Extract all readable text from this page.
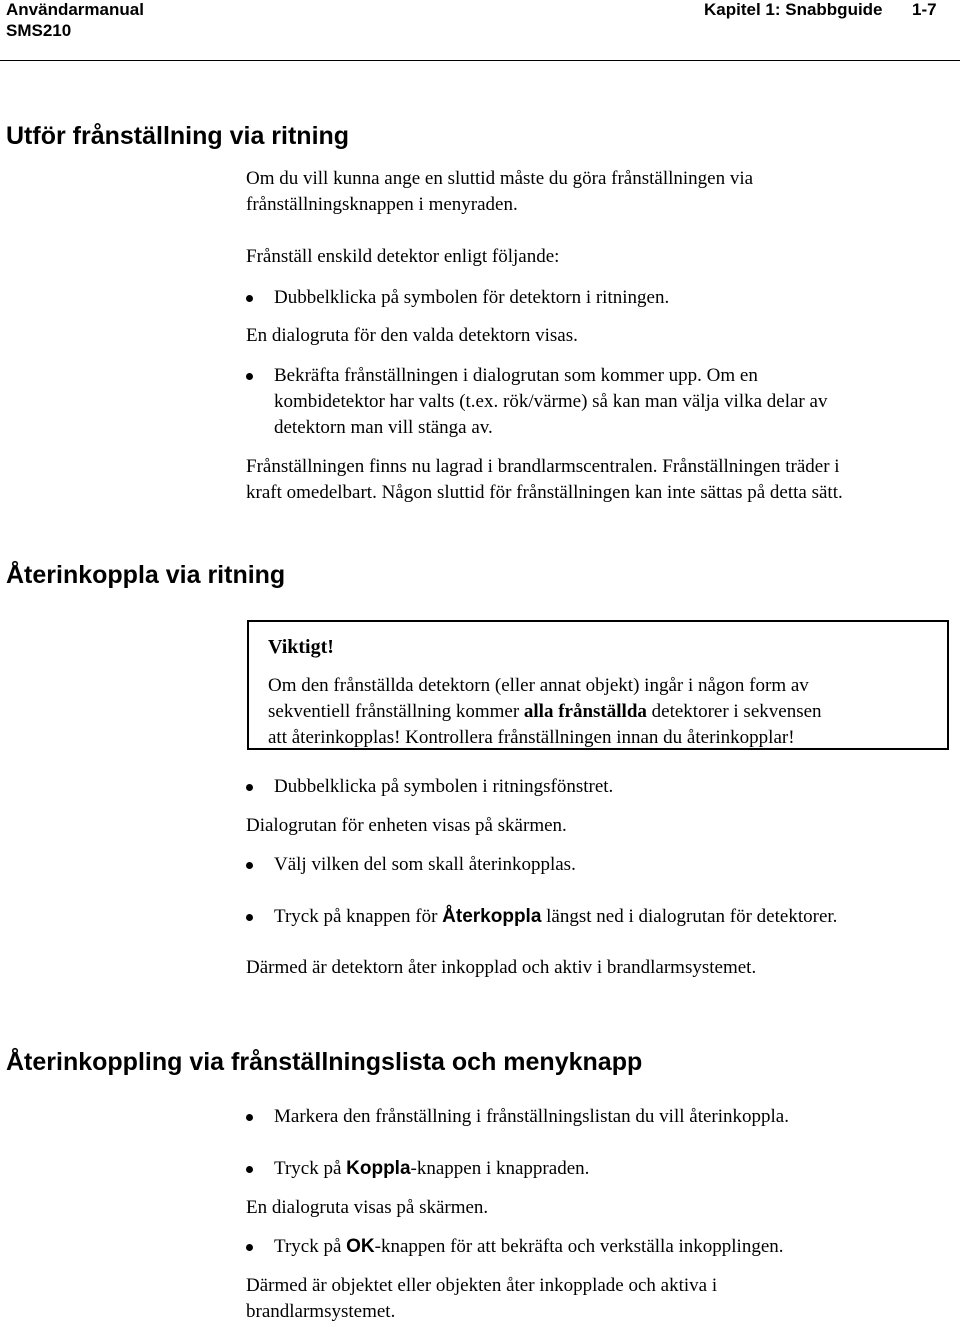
Användarmanual
SMS210
Kapitel 1: Snabbguide 1-7
Utför frånställning via ritning

Om du vill kunna ange en sluttid måste du göra frånställningen via

frånställningsknappen i menyraden.

Frånställ enskild detektor enligt följande:

Dubbelklicka på symbolen för detektorn i ritningen.

En dialogruta för den valda detektorn visas.

Bekräfta frånställningen i dialogrutan som kommer upp. Om en

kombidetektor har valts (t.ex. rök/värme) så kan man välja vilka delar av

detektorn man vill stänga av.

Frånställningen finns nu lagrad i brandlarmscentralen. Frånställningen träder i

kraft omedelbart. Någon sluttid för frånställningen kan inte sättas på detta sätt.

Återinkoppla via ritning

Viktigt!

Om den frånställda detektorn (eller annat objekt) ingår i någon form av

sekventiell frånställning kommer alla frånställda detektorer i sekvensen

att återinkopplas! Kontrollera frånställningen innan du återinkopplar!

Dubbelklicka på symbolen i ritningsfönstret.

Dialogrutan för enheten visas på skärmen.

Välj vilken del som skall återinkopplas.

Tryck på knappen för Återkoppla längst ned i dialogrutan för detektorer.

Därmed är detektorn åter inkopplad och aktiv i brandlarmsystemet.

Återinkoppling via frånställningslista och menyknapp

Markera den frånställning i frånställningslistan du vill återinkoppla.

Tryck på Koppla-knappen i knappraden.

En dialogruta visas på skärmen.

Tryck på OK-knappen för att bekräfta och verkställa inkopplingen.

Därmed är objektet eller objekten åter inkopplade och aktiva i

brandlarmsystemet.
